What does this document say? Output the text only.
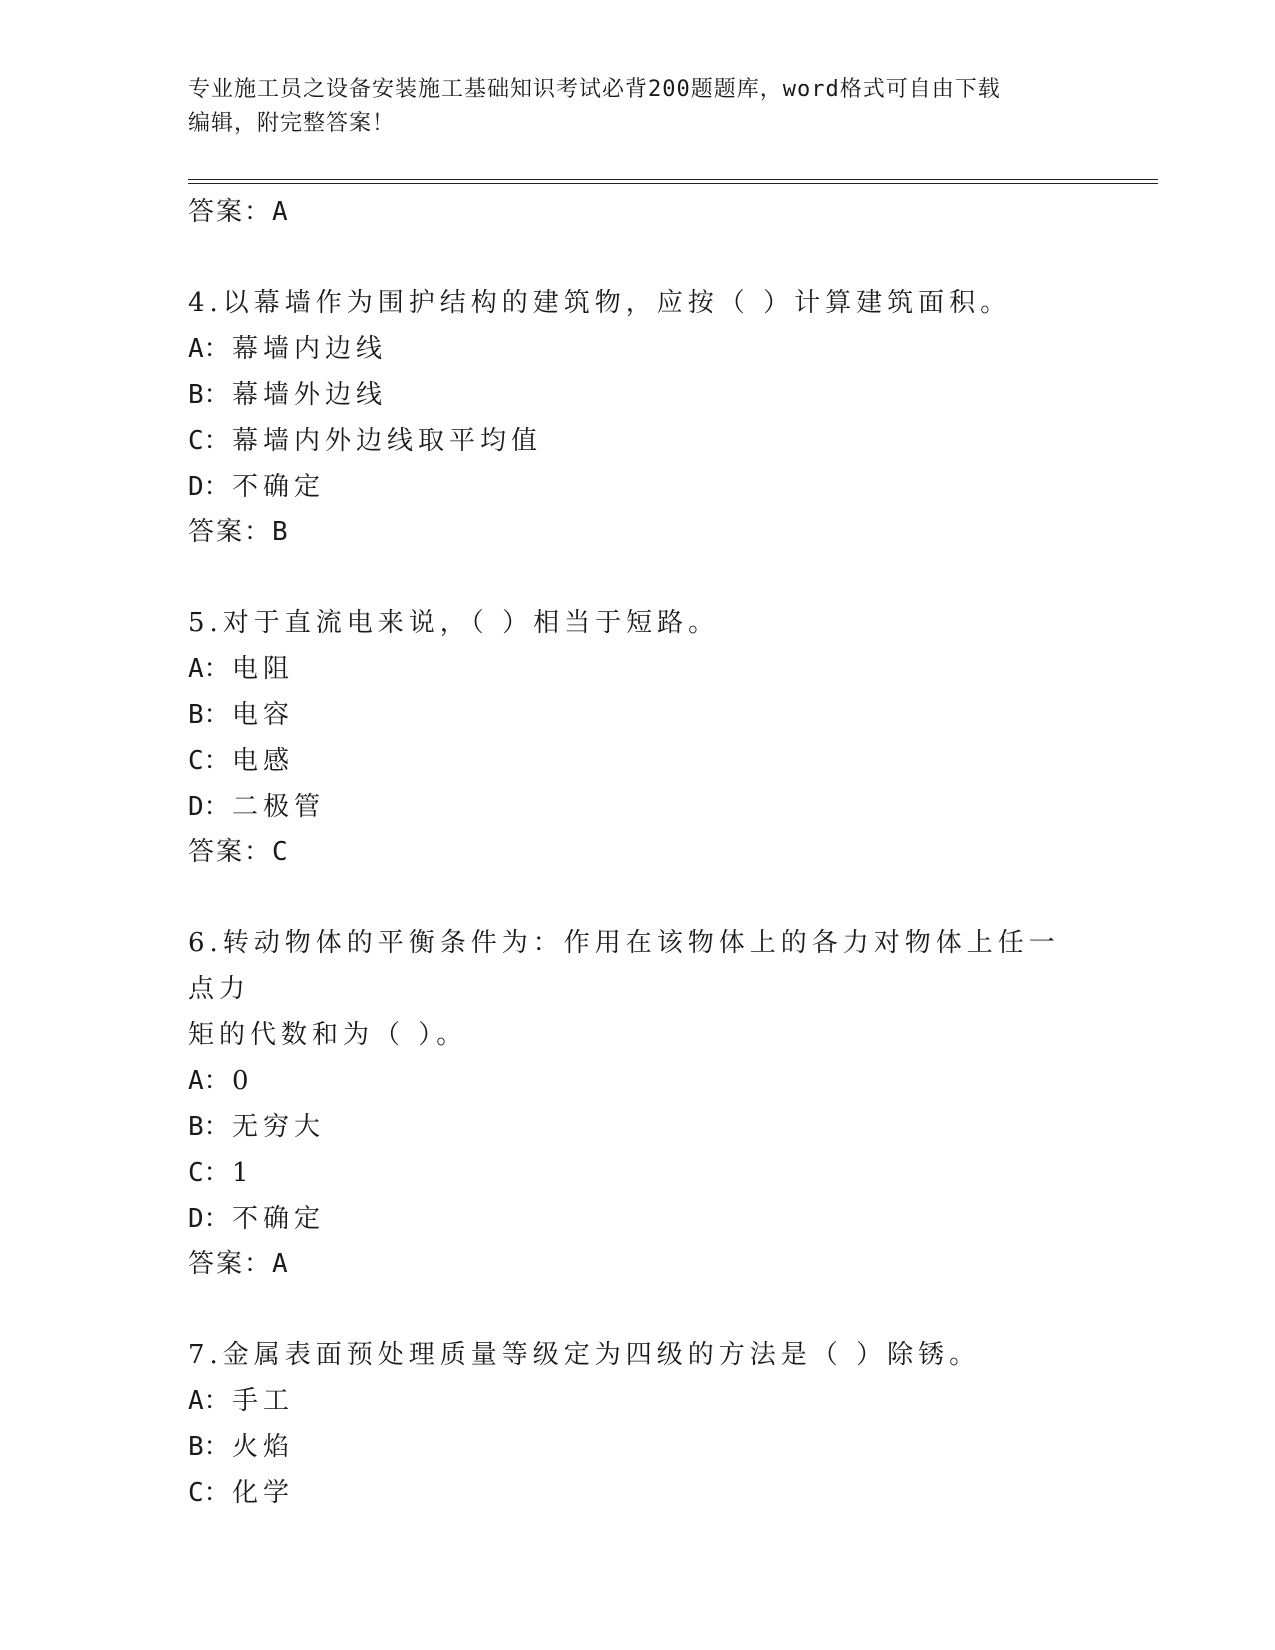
专业施工员之设备安装施工基础知识考试必背200题题库，word格式可自由下载
编辑，附完整答案！
答案：A
4.以幕墙作为围护结构的建筑物，应按（ ）计算建筑面积。
A：幕墙内边线
B：幕墙外边线
C：幕墙内外边线取平均值
D：不确定
答案：B
5.对于直流电来说，（ ）相当于短路。
A：电阻
B：电容
C：电感
D：二极管
答案：C
6.转动物体的平衡条件为：作用在该物体上的各力对物体上任一点力
矩的代数和为（ ）。
A：0
B：无穷大
C：1
D：不确定
答案：A
7.金属表面预处理质量等级定为四级的方法是（ ）除锈。
A：手工
B：火焰
C：化学
